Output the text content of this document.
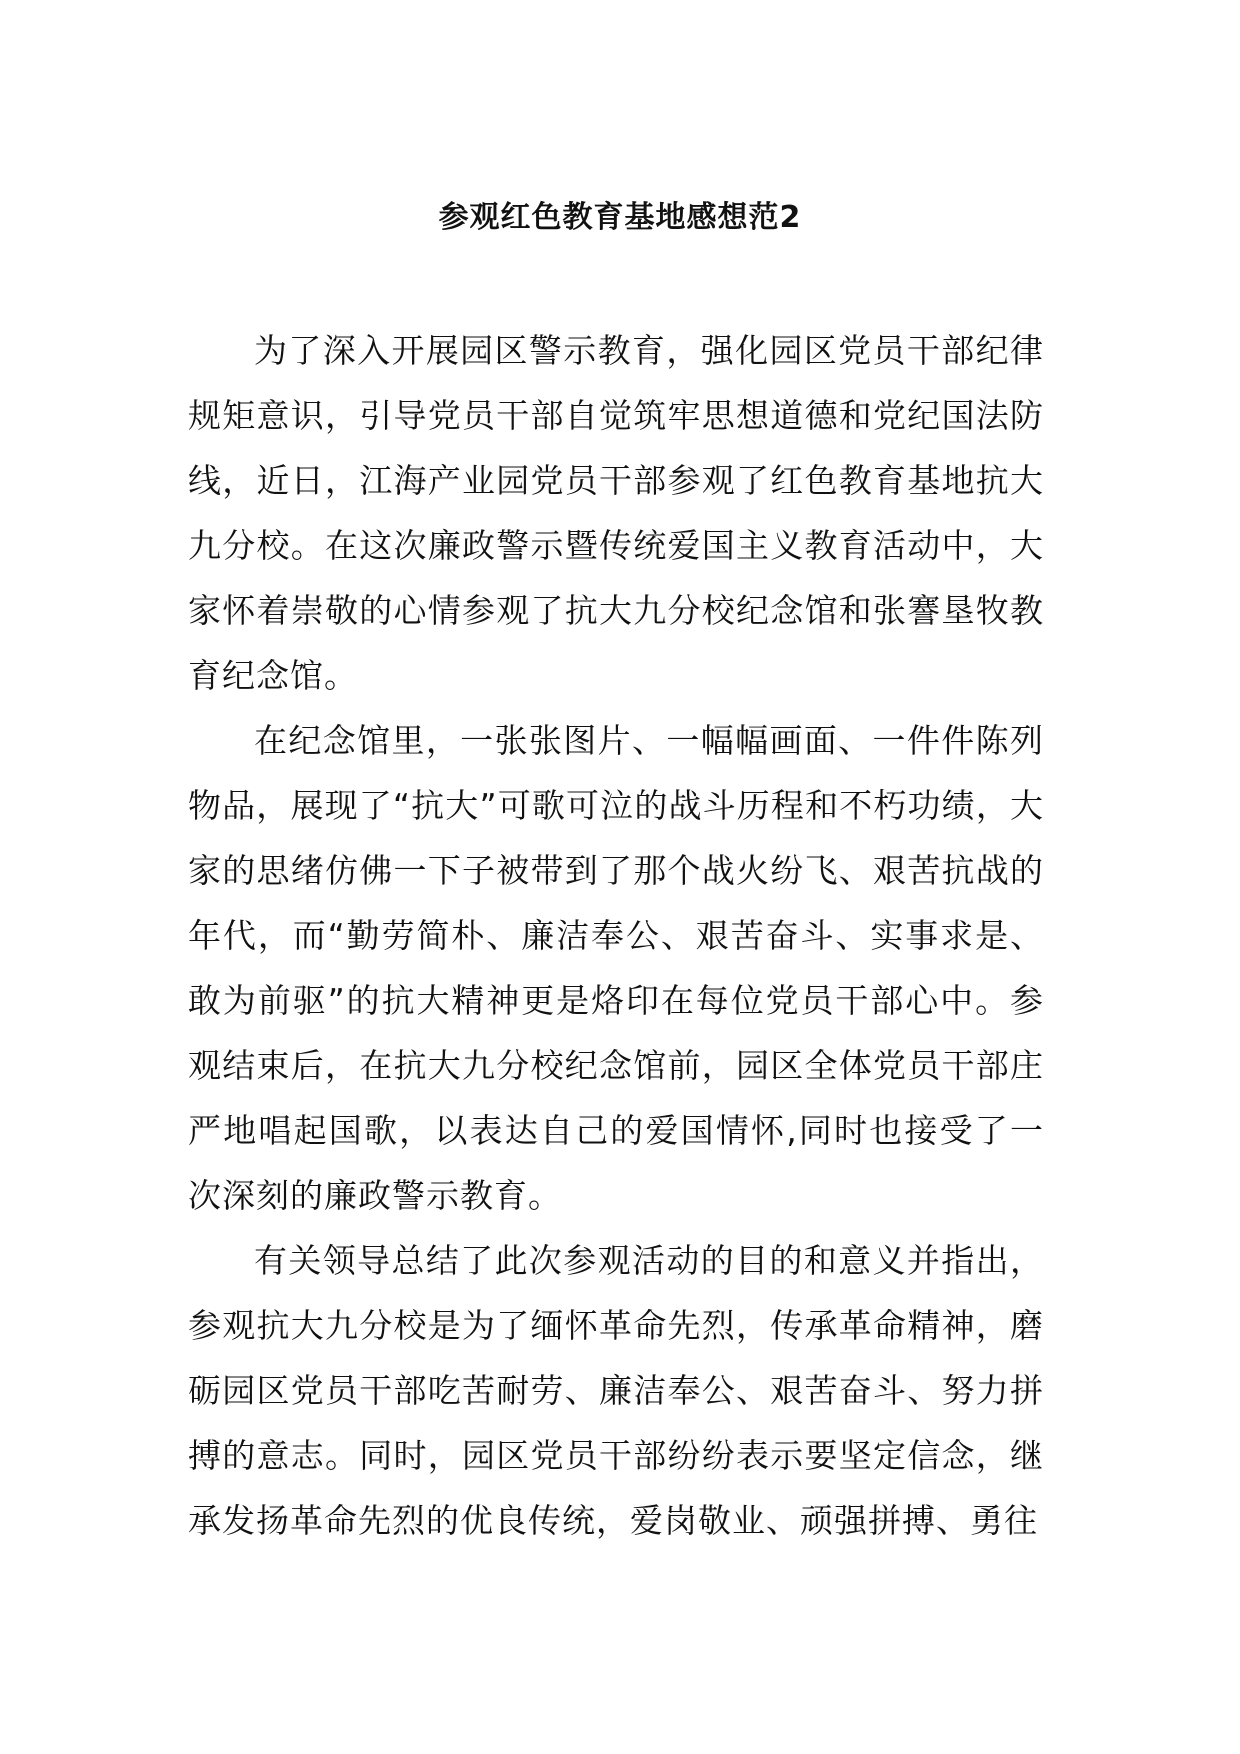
参观红色教育基地感想范2

为了深入开展园区警示教育，强化园区党员干部纪律规矩意识，引导党员干部自觉筑牢思想道德和党纪国法防线，近日，江海产业园党员干部参观了红色教育基地抗大九分校。在这次廉政警示暨传统爱国主义教育活动中，大家怀着崇敬的心情参观了抗大九分校纪念馆和张謇垦牧教育纪念馆。

在纪念馆里，一张张图片、一幅幅画面、一件件陈列物品，展现了“抗大”可歌可泣的战斗历程和不朽功绩，大家的思绪仿佛一下子被带到了那个战火纷飞、艰苦抗战的年代，而“勤劳简朴、廉洁奉公、艰苦奋斗、实事求是、敢为前驱”的抗大精神更是烙印在每位党员干部心中。参观结束后，在抗大九分校纪念馆前，园区全体党员干部庄严地唱起国歌，以表达自己的爱国情怀,同时也接受了一次深刻的廉政警示教育。

有关领导总结了此次参观活动的目的和意义并指出，参观抗大九分校是为了缅怀革命先烈，传承革命精神，磨砺园区党员干部吃苦耐劳、廉洁奉公、艰苦奋斗、努力拼搏的意志。同时，园区党员干部纷纷表示要坚定信念，继承发扬革命先烈的优良传统，爱岗敬业、顽强拼搏、勇往
